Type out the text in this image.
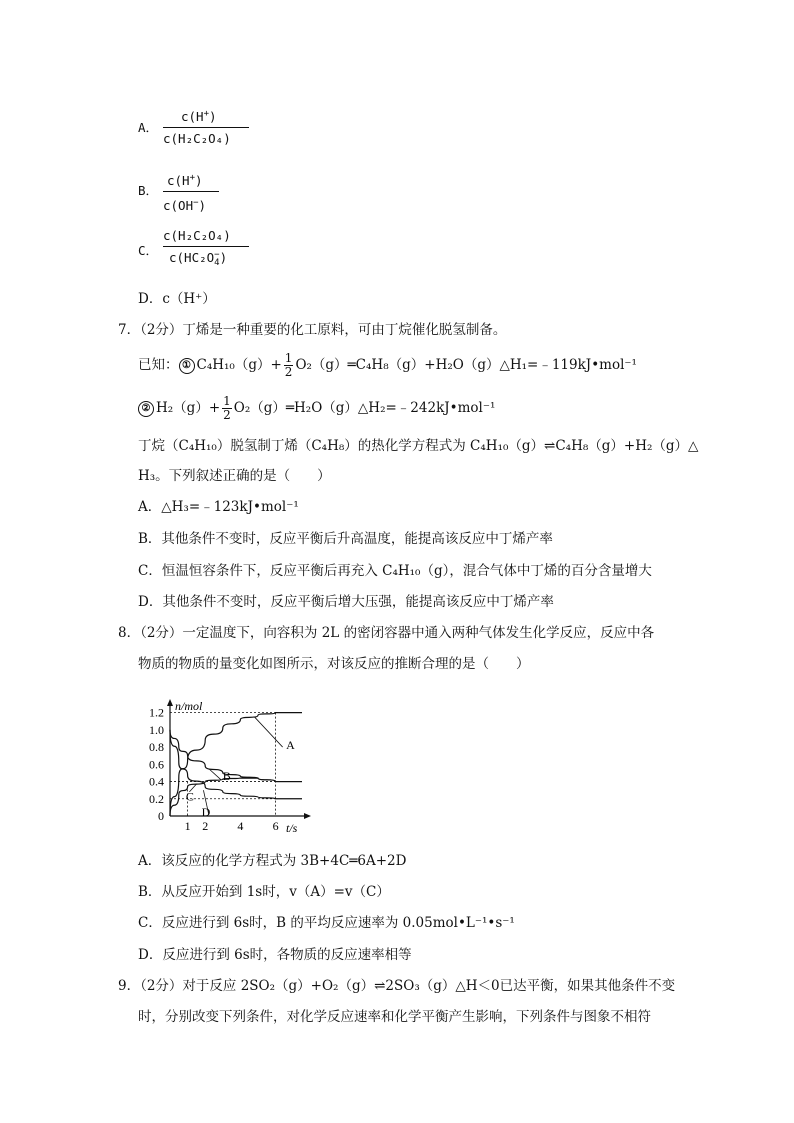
A．
c(H+)
c(H₂C₂O₄)
B．
c(H+)
c(OH−)
C．
c(H₂C₂O₄)
c(HC₂O −
4 )
D．c（H⁺）
7．（2分）丁烯是一种重要的化工原料，可由丁烷催化脱氢制备。
已知： ① $C_4H_{10}(g)+ \frac{1}{2}$ O₂（g）═C₄H₈（g）+H₂O（g）△H₁=﹣119kJ•mol⁻¹
② $H_2(g)+ \frac{1}{2}$ O₂（g）═H₂O（g）△H₂=﹣242kJ•mol⁻¹
丁烷（C₄H₁₀）脱氢制丁烯（C₄H₈）的热化学方程式为 C₄H₁₀（g）⇌C₄H₈（g）+H₂（g）△
H₃。下列叙述正确的是（　　）
A．△H₃=﹣123kJ•mol⁻¹
B．其他条件不变时，反应平衡后升高温度，能提高该反应中丁烯产率
C．恒温恒容条件下，反应平衡后再充入 C₄H₁₀（g），混合气体中丁烯的百分含量增大
D．其他条件不变时，反应平衡后增大压强，能提高该反应中丁烯产率
8．（2分）一定温度下，向容积为 2L 的密闭容器中通入两种气体发生化学反应，反应中各
物质的物质的量变化如图所示，对该反应的推断合理的是（　　）
n/mol
t/s
1.2
1.0
0.8
0.6
0.4
0.2
0
1 2 4 6
A
B
C
D
A．该反应的化学方程式为 3B+4C═6A+2D
B．从反应开始到 1s时，v（A）=v（C）
C．反应进行到 6s时，B 的平均反应速率为 0.05mol•L⁻¹•s⁻¹
D．反应进行到 6s时，各物质的反应速率相等
9．（2分）对于反应 2SO₂（g）+O₂（g）⇌2SO₃（g）△H＜0已达平衡，如果其他条件不变
时，分别改变下列条件，对化学反应速率和化学平衡产生影响，下列条件与图象不相符
